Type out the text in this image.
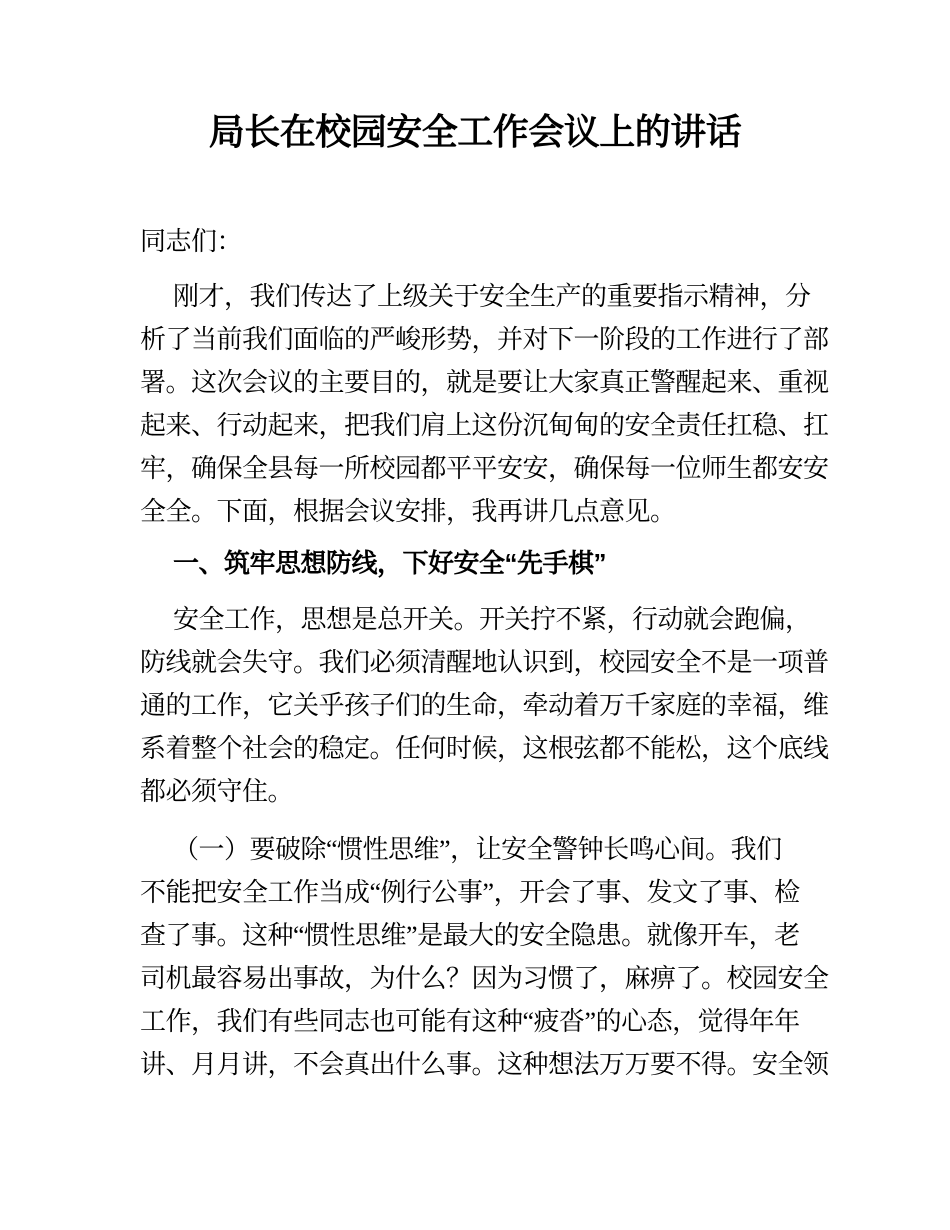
局长在校园安全工作会议上的讲话
同志们：
刚才，我们传达了上级关于安全生产的重要指示精神，分
析了当前我们面临的严峻形势，并对下一阶段的工作进行了部
署。这次会议的主要目的，就是要让大家真正警醒起来、重视
起来、行动起来，把我们肩上这份沉甸甸的安全责任扛稳、扛
牢，确保全县每一所校园都平平安安，确保每一位师生都安安
全全。下面，根据会议安排，我再讲几点意见。
一、筑牢思想防线，下好安全“先手棋”
安全工作，思想是总开关。开关拧不紧，行动就会跑偏，
防线就会失守。我们必须清醒地认识到，校园安全不是一项普
通的工作，它关乎孩子们的生命，牵动着万千家庭的幸福，维
系着整个社会的稳定。任何时候，这根弦都不能松，这个底线
都必须守住。
（一）要破除“惯性思维”，让安全警钟长鸣心间。我们
不能把安全工作当成“例行公事”，开会了事、发文了事、检
查了事。这种“惯性思维”是最大的安全隐患。就像开车，老
司机最容易出事故，为什么？因为习惯了，麻痹了。校园安全
工作，我们有些同志也可能有这种“疲沓”的心态，觉得年年
讲、月月讲，不会真出什么事。这种想法万万要不得。安全领
